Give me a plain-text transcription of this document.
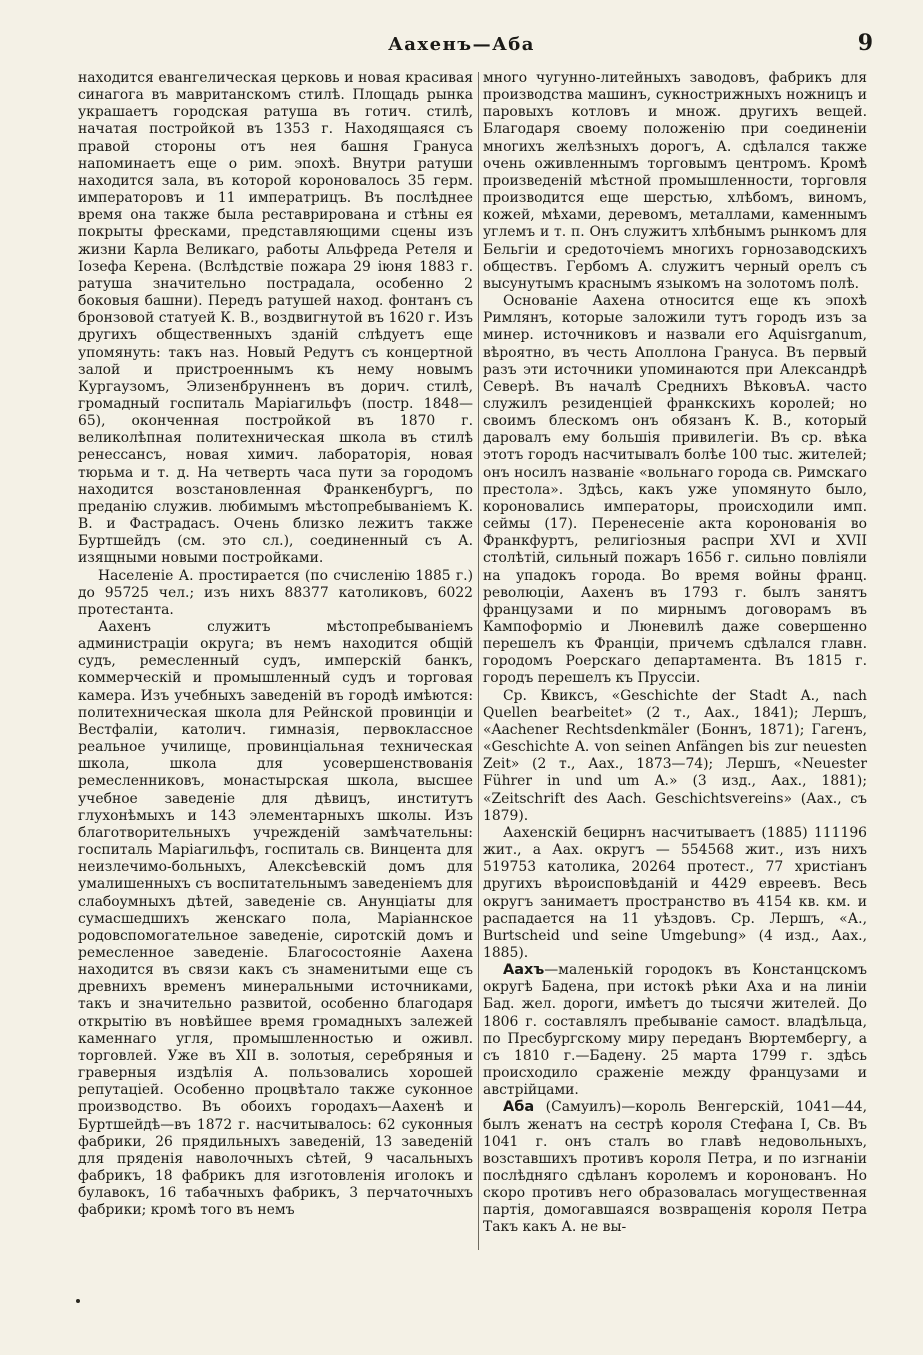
Аахенъ—Аба	9

находится евангелическая церковь и новая красивая синагога въ мавританскомъ стилѣ. Площадь рынка украшаетъ городская ратуша въ готич. стилѣ, начатая постройкой въ 1353 г. Находящаяся съ правой стороны отъ нея башня Грануса напоминаетъ еще о рим. эпохѣ. Внутри ратуши находится зала, въ которой короновалось 35 герм. императоровъ и 11 императрицъ. Въ послѣднее время она также была реставрирована и стѣны ея покрыты фресками, представляющими сцены изъ жизни Карла Великаго, работы Альфреда Ретеля и Іозефа Керена. (Вслѣдствіе пожара 29 іюня 1883 г. ратуша значительно пострадала, особенно 2 боковыя башни). Передъ ратушей наход. фонтанъ съ бронзовой статуей К. В., воздвигнутой въ 1620 г. Изъ другихъ общественныхъ зданій слѣдуетъ еще упомянуть: такъ наз. Новый Редутъ съ концертной залой и пристроеннымъ къ нему новымъ Кургаузомъ, Элизенбрунненъ въ дорич. стилѣ, громадный госпиталь Маріагильфъ (постр. 1848—65), оконченная постройкой въ 1870 г. великолѣпная политехническая школа въ стилѣ ренессансъ, новая химич. лабораторія, новая тюрьма и т. д. На четверть часа пути за городомъ находится возстановленная Франкенбургъ, по преданію служив. любимымъ мѣстопребываніемъ К. В. и Фастрадасъ. Очень близко лежитъ также Буртшейдъ (см. это сл.), соединенный съ А. изящными новыми постройками.

Населеніе А. простирается (по счисленію 1885 г.) до 95725 чел.; изъ нихъ 88377 католиковъ, 6022 протестанта.

Аахенъ служитъ мѣстопребываніемъ администраціи округа; въ немъ находится общій судъ, ремесленный судъ, имперскій банкъ, коммерческій и промышленный судъ и торговая камера. Изъ учебныхъ заведеній въ городѣ имѣются: политехническая школа для Рейнской провинціи и Вестфаліи, католич. гимназія, первоклассное реальное училище, провинціальная техническая школа, школа для усовершенствованія ремесленниковъ, монастырская школа, высшее учебное заведеніе для дѣвицъ, институтъ глухонѣмыхъ и 143 элементарныхъ школы. Изъ благотворительныхъ учрежденій замѣчательны: госпиталь Маріагильфъ, госпиталь св. Винцента для неизлечимо-больныхъ, Алексѣевскій домъ для умалишенныхъ съ воспитательнымъ заведеніемъ для слабоумныхъ дѣтей, заведеніе св. Анунціаты для сумасшедшихъ женскаго пола, Маріаннское родовспомогательное заведеніе, сиротскій домъ и ремесленное заведеніе. Благосостояніе Аахена находится въ связи какъ съ знаменитыми еще съ древнихъ временъ минеральными источниками, такъ и значительно развитой, особенно благодаря открытію въ новѣйшее время громадныхъ залежей каменнаго угля, промышленностью и оживл. торговлей. Уже въ XII в. золотыя, серебряныя и граверныя издѣлія А. пользовались хорошей репутаціей. Особенно процвѣтало также суконное производство. Въ обоихъ городахъ—Аахенѣ и Буртшейдѣ—въ 1872 г. насчитывалось: 62 суконныя фабрики, 26 прядильныхъ заведеній, 13 заведеній для пряденія наволочныхъ сѣтей, 9 часальныхъ фабрикъ, 18 фабрикъ для изготовленія иголокъ и булавокъ, 16 табачныхъ фабрикъ, 3 перчаточныхъ фабрики; кромѣ того въ немъ

много чугунно-литейныхъ заводовъ, фабрикъ для производства машинъ, сукнострижныхъ ножницъ и паровыхъ котловъ и множ. другихъ вещей. Благодаря своему положенію при соединеніи многихъ желѣзныхъ дорогъ, А. сдѣлался также очень оживленнымъ торговымъ центромъ. Кромѣ произведеній мѣстной промышленности, торговля производится еще шерстью, хлѣбомъ, виномъ, кожей, мѣхами, деревомъ, металлами, каменнымъ углемъ и т. п. Онъ служитъ хлѣбнымъ рынкомъ для Бельгіи и средоточіемъ многихъ горнозаводскихъ обществъ. Гербомъ А. служитъ черный орелъ съ высунутымъ краснымъ языкомъ на золотомъ полѣ.

Основаніе Аахена относится еще къ эпохѣ Римлянъ, которые заложили тутъ городъ изъ за минер. источниковъ и назвали его Aquisrganum, вѣроятно, въ честь Аполлона Грануса. Въ первый разъ эти источники упоминаются при Александрѣ Северѣ. Въ началѣ Среднихъ ВѣковъА. часто служилъ резиденціей франкскихъ королей; но своимъ блескомъ онъ обязанъ К. В., который даровалъ ему большія привилегіи. Въ ср. вѣка этотъ городъ насчитывалъ болѣе 100 тыс. жителей; онъ носилъ названіе «вольнаго города св. Римскаго престола». Здѣсь, какъ уже упомянуто было, короновались императоры, происходили имп. сеймы (17). Перенесеніе акта коронованія во Франкфуртъ, религіозныя распри XVI и XVII столѣтій, сильный пожаръ 1656 г. сильно повліяли на упадокъ города. Во время войны франц. революціи, Аахенъ въ 1793 г. былъ занятъ французами и по мирнымъ договорамъ въ Кампоформіо и Люневилѣ даже совершенно перешелъ къ Франціи, причемъ сдѣлался главн. городомъ Роерскаго департамента. Въ 1815 г. городъ перешелъ къ Пруссіи.

Ср. Квиксъ, «Geschichte der Stadt A., nach Quellen bearbeitet» (2 т., Аах., 1841); Лершъ, «Aachener Rechtsdenkmäler (Боннъ, 1871); Гагенъ, «Geschichte A. von seinen Anfängen bis zur neuesten Zeit» (2 т., Аах., 1873—74); Лершъ, «Neuester Führer in und um A.» (3 изд., Аах., 1881); «Zeitschrift des Aach. Geschichtsvereins» (Аах., съ 1879).

Аахенскій бецирнъ насчитываетъ (1885) 111196 жит., а Аах. округъ — 554568 жит., изъ нихъ 519753 католика, 20264 протест., 77 христіанъ другихъ вѣроисповѣданій и 4429 евреевъ. Весь округъ занимаетъ пространство въ 4154 кв. км. и распадается на 11 уѣздовъ. Ср. Лершъ, «А., Burtscheid und seine Umgebung» (4 изд., Аах., 1885).

Аахъ—маленькій городокъ въ Констанцскомъ округѣ Бадена, при истокѣ рѣки Аха и на линіи Бад. жел. дороги, имѣетъ до тысячи жителей. До 1806 г. составлялъ пребываніе самост. владѣльца, по Пресбургскому миру переданъ Вюртембергу, а съ 1810 г.—Бадену. 25 марта 1799 г. здѣсь происходило сраженіе между французами и австрійцами.

Аба (Самуилъ)—король Венгерскій, 1041—44, былъ женатъ на сестрѣ короля Стефана I, Св. Въ 1041 г. онъ сталъ во главѣ недовольныхъ, возставшихъ противъ короля Петра, и по изгнаніи послѣдняго сдѣланъ королемъ и коронованъ. Но скоро противъ него образовалась могущественная партія, домогавшаяся возвращенія короля Петра Такъ какъ А. не вы-
